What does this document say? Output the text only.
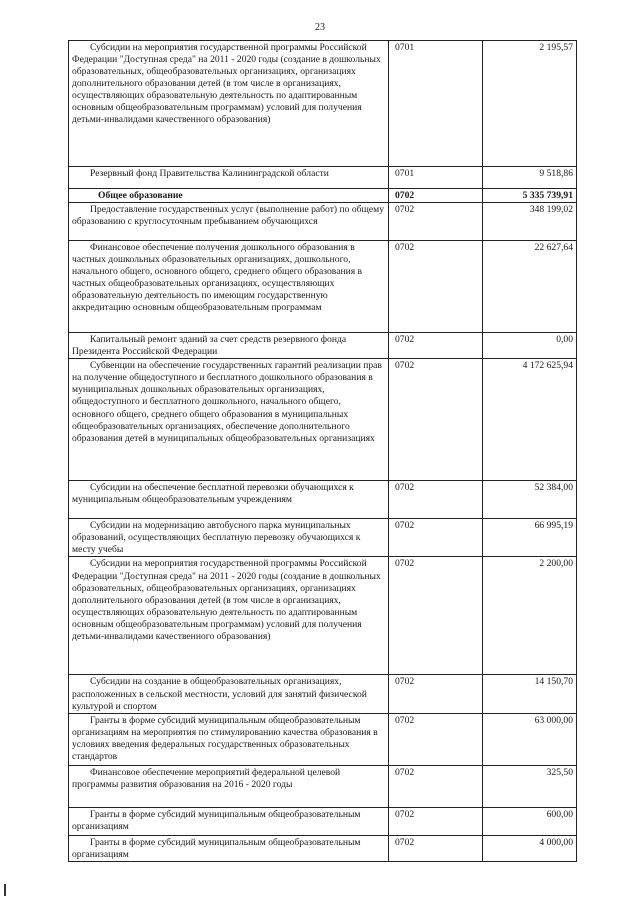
23
Субсидии на мероприятия государственной программы Российской Федерации "Доступная среда" на 2011 - 2020 годы (создание в дошкольных образовательных, общеобразовательных организациях, организациях дополнительного образования детей (в том числе в организациях, осуществляющих образовательную деятельность по адаптированным основным общеобразовательным программам) условий для получения детьми-инвалидами качественного образования)	0701	2 195,57
Резервный фонд Правительства Калининградской области	0701	9 518,86
Общее образование	0702	5 335 739,91
Предоставление государственных услуг (выполнение работ) по общему образованию с круглосуточным пребыванием обучающихся	0702	348 199,02
Финансовое обеспечение получения дошкольного образования в частных дошкольных образовательных организациях, дошкольного, начального общего, основного общего, среднего общего образования в частных общеобразовательных организациях, осуществляющих образовательную деятельность по имеющим государственную аккредитацию основным общеобразовательным программам	0702	22 627,64
Капитальный ремонт зданий за счет средств резервного фонда Президента Российской Федерации	0702	0,00
Субвенции на обеспечение государственных гарантий реализации прав на получение общедоступного и бесплатного дошкольного образования в муниципальных дошкольных образовательных организациях, общедоступного и бесплатного дошкольного, начального общего, основного общего, среднего общего образования в муниципальных общеобразовательных организациях, обеспечение дополнительного образования детей в муниципальных общеобразовательных организациях	0702	4 172 625,94
Субсидии на обеспечение бесплатной перевозки обучающихся к муниципальным общеобразовательным учреждениям	0702	52 384,00
Субсидии на модернизацию автобусного парка муниципальных образований, осуществляющих бесплатную перевозку обучающихся к месту учебы	0702	66 995,19
Субсидии на мероприятия государственной программы Российской Федерации "Доступная среда" на 2011 - 2020 годы (создание в дошкольных образовательных, общеобразовательных организациях, организациях дополнительного образования детей (в том числе в организациях, осуществляющих образовательную деятельность по адаптированным основным общеобразовательным программам) условий для получения детьми-инвалидами качественного образования)	0702	2 200,00
Субсидии на создание в общеобразовательных организациях, расположенных в сельской местности, условий для занятий физической культурой и спортом	0702	14 150,70
Гранты в форме субсидий муниципальным общеобразовательным организациям на мероприятия по стимулированию качества образования в условиях введения федеральных государственных образовательных стандартов	0702	63 000,00
Финансовое обеспечение мероприятий федеральной целевой программы развития образования на 2016 - 2020 годы	0702	325,50
Гранты в форме субсидий муниципальным общеобразовательным организациям	0702	600,00
Гранты в форме субсидий муниципальным общеобразовательным организациям	0702	4 000,00
